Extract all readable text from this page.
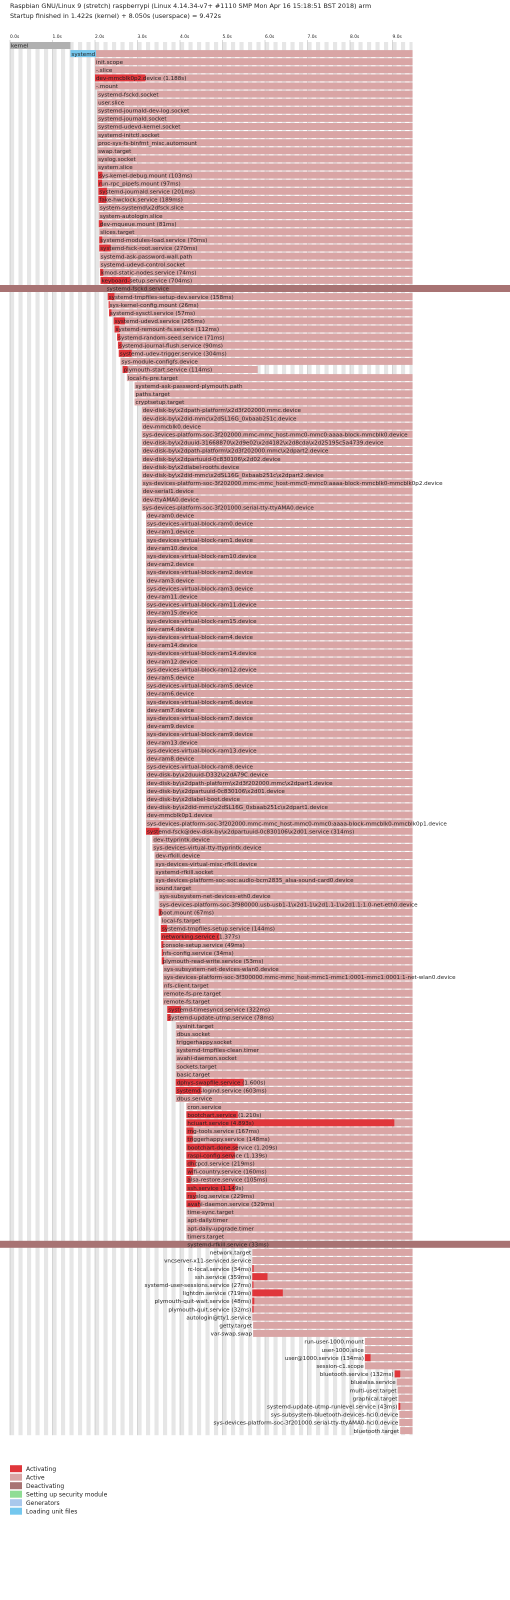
Raspbian GNU/Linux 9 (stretch) raspberrypi (Linux 4.14.34-v7+ #1110 SMP Mon Apr 16 15:18:51 BST 2018) arm
Startup finished in 1.422s (kernel) + 8.050s (userspace) = 9.472s
0.0s	1.0s	2.0s	3.0s	4.0s	5.0s	6.0s	7.0s	8.0s	9.0s
kernel
systemd
init.scope
-.slice
dev-mmcblk0p2.device (1.188s)
-.mount
systemd-fsckd.socket
user.slice
systemd-journald-dev-log.socket
systemd-journald.socket
systemd-udevd-kernel.socket
systemd-initctl.socket
proc-sys-fs-binfmt_misc.automount
swap.target
syslog.socket
system.slice
sys-kernel-debug.mount (103ms)
run-rpc_pipefs.mount (97ms)
systemd-journald.service (201ms)
fake-hwclock.service (189ms)
system-systemd\x2dfsck.slice
system-autologin.slice
dev-mqueue.mount (81ms)
slices.target
systemd-modules-load.service (70ms)
systemd-fsck-root.service (270ms)
systemd-ask-password-wall.path
systemd-udevd-control.socket
kmod-static-nodes.service (74ms)
keyboard-setup.service (704ms)
systemd-fsckd.service
systemd-tmpfiles-setup-dev.service (158ms)
sys-kernel-config.mount (26ms)
systemd-sysctl.service (57ms)
systemd-udevd.service (265ms)
systemd-remount-fs.service (112ms)
systemd-random-seed.service (71ms)
systemd-journal-flush.service (90ms)
systemd-udev-trigger.service (304ms)
sys-module-configfs.device
plymouth-start.service (114ms)
local-fs-pre.target
systemd-ask-password-plymouth.path
paths.target
cryptsetup.target
dev-disk-by\x2dpath-platform\x2d3f202000.mmc.device
dev-disk-by\x2did-mmc\x2dSL16G_0xbaab251c.device
dev-mmcblk0.device
sys-devices-platform-soc-3f202000.mmc-mmc_host-mmc0-mmc0:aaaa-block-mmcblk0.device
dev-disk-by\x2duuid-31668870\x2d9e02\x2d4182\x2d8cda\x2d25195c5a4739.device
dev-disk-by\x2dpath-platform\x2d3f202000.mmc\x2dpart2.device
dev-disk-by\x2dpartuuid-0c830106\x2d02.device
dev-disk-by\x2dlabel-rootfs.device
dev-disk-by\x2did-mmc\x2dSL16G_0xbaab251c\x2dpart2.device
sys-devices-platform-soc-3f202000.mmc-mmc_host-mmc0-mmc0:aaaa-block-mmcblk0-mmcblk0p2.device
dev-serial1.device
dev-ttyAMA0.device
sys-devices-platform-soc-3f201000.serial-tty-ttyAMA0.device
dev-ram0.device
sys-devices-virtual-block-ram0.device
dev-ram1.device
sys-devices-virtual-block-ram1.device
dev-ram10.device
sys-devices-virtual-block-ram10.device
dev-ram2.device
sys-devices-virtual-block-ram2.device
dev-ram3.device
sys-devices-virtual-block-ram3.device
dev-ram11.device
sys-devices-virtual-block-ram11.device
dev-ram15.device
sys-devices-virtual-block-ram15.device
dev-ram4.device
sys-devices-virtual-block-ram4.device
dev-ram14.device
sys-devices-virtual-block-ram14.device
dev-ram12.device
sys-devices-virtual-block-ram12.device
dev-ram5.device
sys-devices-virtual-block-ram5.device
dev-ram6.device
sys-devices-virtual-block-ram6.device
dev-ram7.device
sys-devices-virtual-block-ram7.device
dev-ram9.device
sys-devices-virtual-block-ram9.device
dev-ram13.device
sys-devices-virtual-block-ram13.device
dev-ram8.device
sys-devices-virtual-block-ram8.device
dev-disk-by\x2duuid-D332\x2dA79C.device
dev-disk-by\x2dpath-platform\x2d3f202000.mmc\x2dpart1.device
dev-disk-by\x2dpartuuid-0c830106\x2d01.device
dev-disk-by\x2dlabel-boot.device
dev-disk-by\x2did-mmc\x2dSL16G_0xbaab251c\x2dpart1.device
dev-mmcblk0p1.device
sys-devices-platform-soc-3f202000.mmc-mmc_host-mmc0-mmc0:aaaa-block-mmcblk0-mmcblk0p1.device
systemd-fsck@dev-disk-by\x2dpartuuid-0c830106\x2d01.service (314ms)
dev-ttyprintk.device
sys-devices-virtual-tty-ttyprintk.device
dev-rfkill.device
sys-devices-virtual-misc-rfkill.device
systemd-rfkill.socket
sys-devices-platform-soc-soc:audio-bcm2835_alsa-sound-card0.device
sound.target
sys-subsystem-net-devices-eth0.device
sys-devices-platform-soc-3f980000.usb-usb1-1\x2d1-1\x2d1.1-1\x2d1.1:1.0-net-eth0.device
boot.mount (67ms)
local-fs.target
systemd-tmpfiles-setup.service (144ms)
networking.service (1.377s)
console-setup.service (49ms)
nfs-config.service (34ms)
plymouth-read-write.service (53ms)
sys-subsystem-net-devices-wlan0.device
sys-devices-platform-soc-3f300000.mmc-mmc_host-mmc1-mmc1:0001-mmc1:0001:1-net-wlan0.device
nfs-client.target
remote-fs-pre.target
remote-fs.target
systemd-timesyncd.service (322ms)
systemd-update-utmp.service (78ms)
sysinit.target
dbus.socket
triggerhappy.socket
systemd-tmpfiles-clean.timer
avahi-daemon.socket
sockets.target
basic.target
dphys-swapfile.service (1.600s)
systemd-logind.service (603ms)
dbus.service
cron.service
bootchart.service (1.210s)
hciuart.service (4.893s)
rng-tools.service (167ms)
triggerhappy.service (148ms)
bootchart-done.service (1.209s)
raspi-config.service (1.139s)
dhcpcd.service (219ms)
wifi-country.service (160ms)
alsa-restore.service (105ms)
ssh.service (1.149s)
rsyslog.service (229ms)
avahi-daemon.service (329ms)
time-sync.target
apt-daily.timer
apt-daily-upgrade.timer
timers.target
systemd-rfkill.service (33ms)
network.target
vncserver-x11-serviced.service
rc-local.service (34ms)
ssh.service (359ms)
systemd-user-sessions.service (27ms)
lightdm.service (719ms)
plymouth-quit-wait.service (48ms)
plymouth-quit.service (32ms)
autologin@tty1.service
getty.target
var-swap.swap
run-user-1000.mount
user-1000.slice
user@1000.service (134ms)
session-c1.scope
bluetooth.service (132ms)
bluealsa.service
multi-user.target
graphical.target
systemd-update-utmp-runlevel.service (43ms)
sys-subsystem-bluetooth-devices-hci0.device
sys-devices-platform-soc-3f201000.serial-tty-ttyAMA0-hci0.device
bluetooth.target
Activating
Active
Deactivating
Setting up security module
Generators
Loading unit files
